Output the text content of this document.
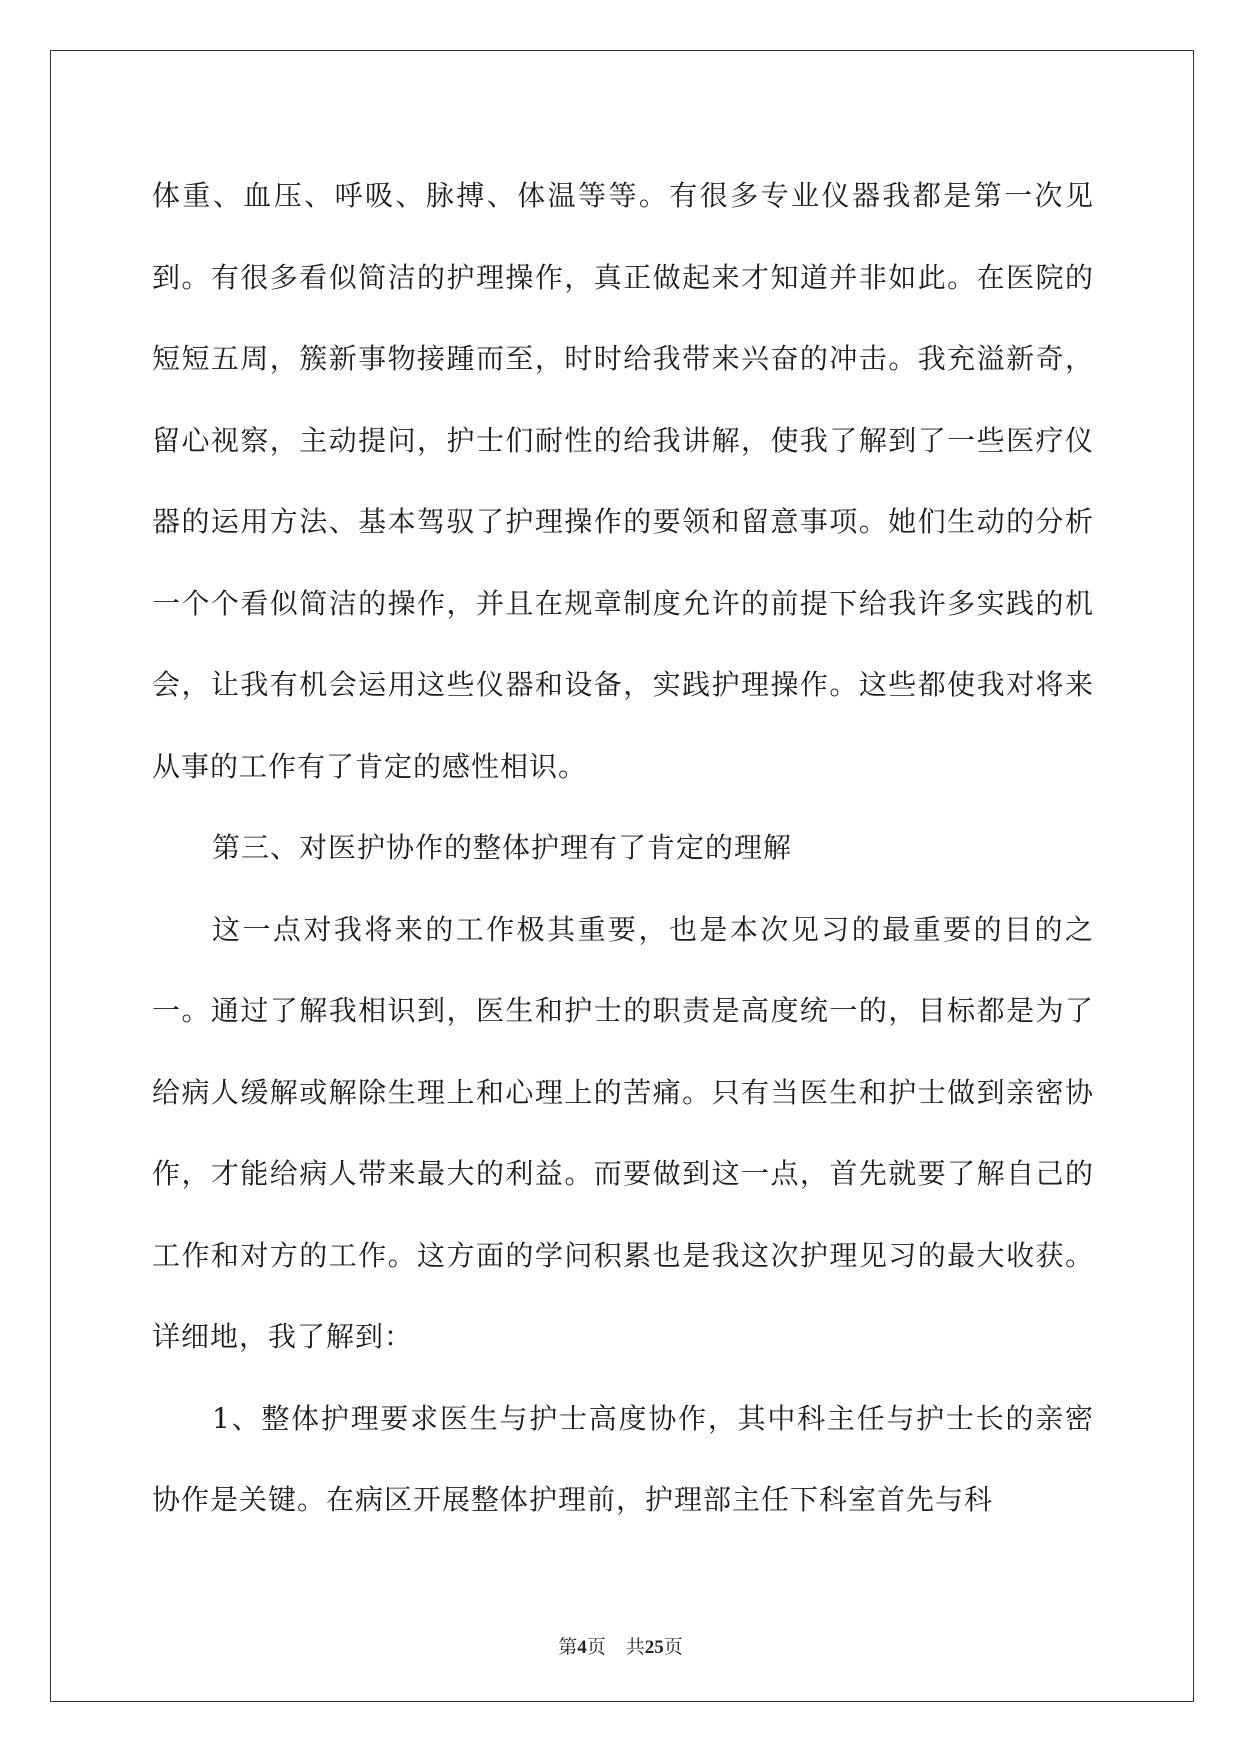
体重、血压、呼吸、脉搏、体温等等。有很多专业仪器我都是第一次见到。有很多看似简洁的护理操作，真正做起来才知道并非如此。在医院的短短五周，簇新事物接踵而至，时时给我带来兴奋的冲击。我充溢新奇，留心视察，主动提问，护士们耐性的给我讲解，使我了解到了一些医疗仪器的运用方法、基本驾驭了护理操作的要领和留意事项。她们生动的分析一个个看似简洁的操作，并且在规章制度允许的前提下给我许多实践的机会，让我有机会运用这些仪器和设备，实践护理操作。这些都使我对将来从事的工作有了肯定的感性相识。

第三、对医护协作的整体护理有了肯定的理解

这一点对我将来的工作极其重要，也是本次见习的最重要的目的之一。通过了解我相识到，医生和护士的职责是高度统一的，目标都是为了给病人缓解或解除生理上和心理上的苦痛。只有当医生和护士做到亲密协作，才能给病人带来最大的利益。而要做到这一点，首先就要了解自己的工作和对方的工作。这方面的学问积累也是我这次护理见习的最大收获。详细地，我了解到：

1、整体护理要求医生与护士高度协作，其中科主任与护士长的亲密协作是关键。在病区开展整体护理前，护理部主任下科室首先与科

第4页 共25页
